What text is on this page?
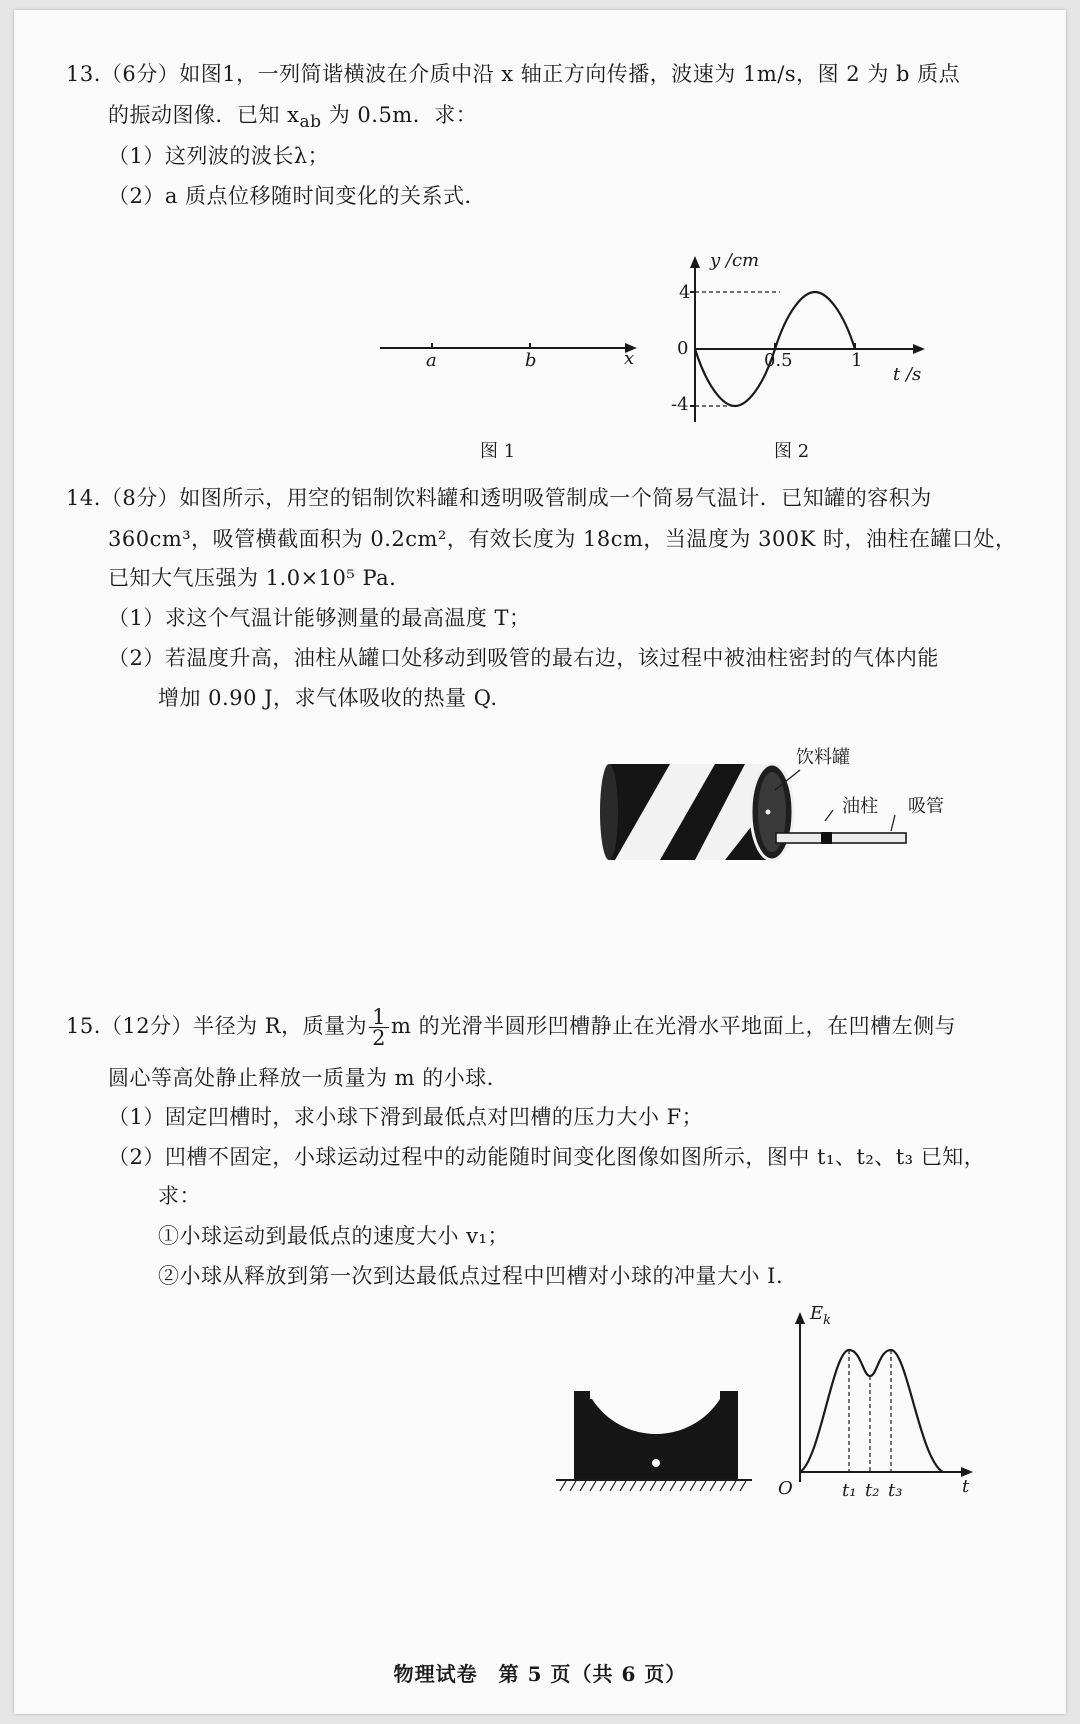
13.（6分）如图1，一列简谐横波在介质中沿 x 轴正方向传播，波速为 1m/s，图 2 为 b 质点
的振动图像．已知 $x_{ab}$ 为 0.5m．求：
（1）这列波的波长λ；
（2）a 质点位移随时间变化的关系式．
a	b	x
图 1
y /cm
4
0
-4
0.5	1
t /s
图 2
14.（8分）如图所示，用空的铝制饮料罐和透明吸管制成一个简易气温计．已知罐的容积为
360cm³，吸管横截面积为 0.2cm²，有效长度为 18cm，当温度为 300K 时，油柱在罐口处，
已知大气压强为 1.0×10⁵ Pa．
（1）求这个气温计能够测量的最高温度 T；
（2）若温度升高，油柱从罐口处移动到吸管的最右边，该过程中被油柱密封的气体内能
增加 0.90 J，求气体吸收的热量 Q.
饮料罐
油柱 吸管
15.（12分）半径为 R，质量为 $\frac{1}{2}$ m 的光滑半圆形凹槽静止在光滑水平地面上，在凹槽左侧与
圆心等高处静止释放一质量为 m 的小球．
（1）固定凹槽时，求小球下滑到最低点对凹槽的压力大小 F；
（2）凹槽不固定，小球运动过程中的动能随时间变化图像如图所示，图中 t₁、t₂、t₃ 已知，
求：
①小球运动到最低点的速度大小 v₁；
②小球从释放到第一次到达最低点过程中凹槽对小球的冲量大小 I.
$E_k$
O	t₁ t₂ t₃	t
物理试卷　第 5 页（共 6 页）
